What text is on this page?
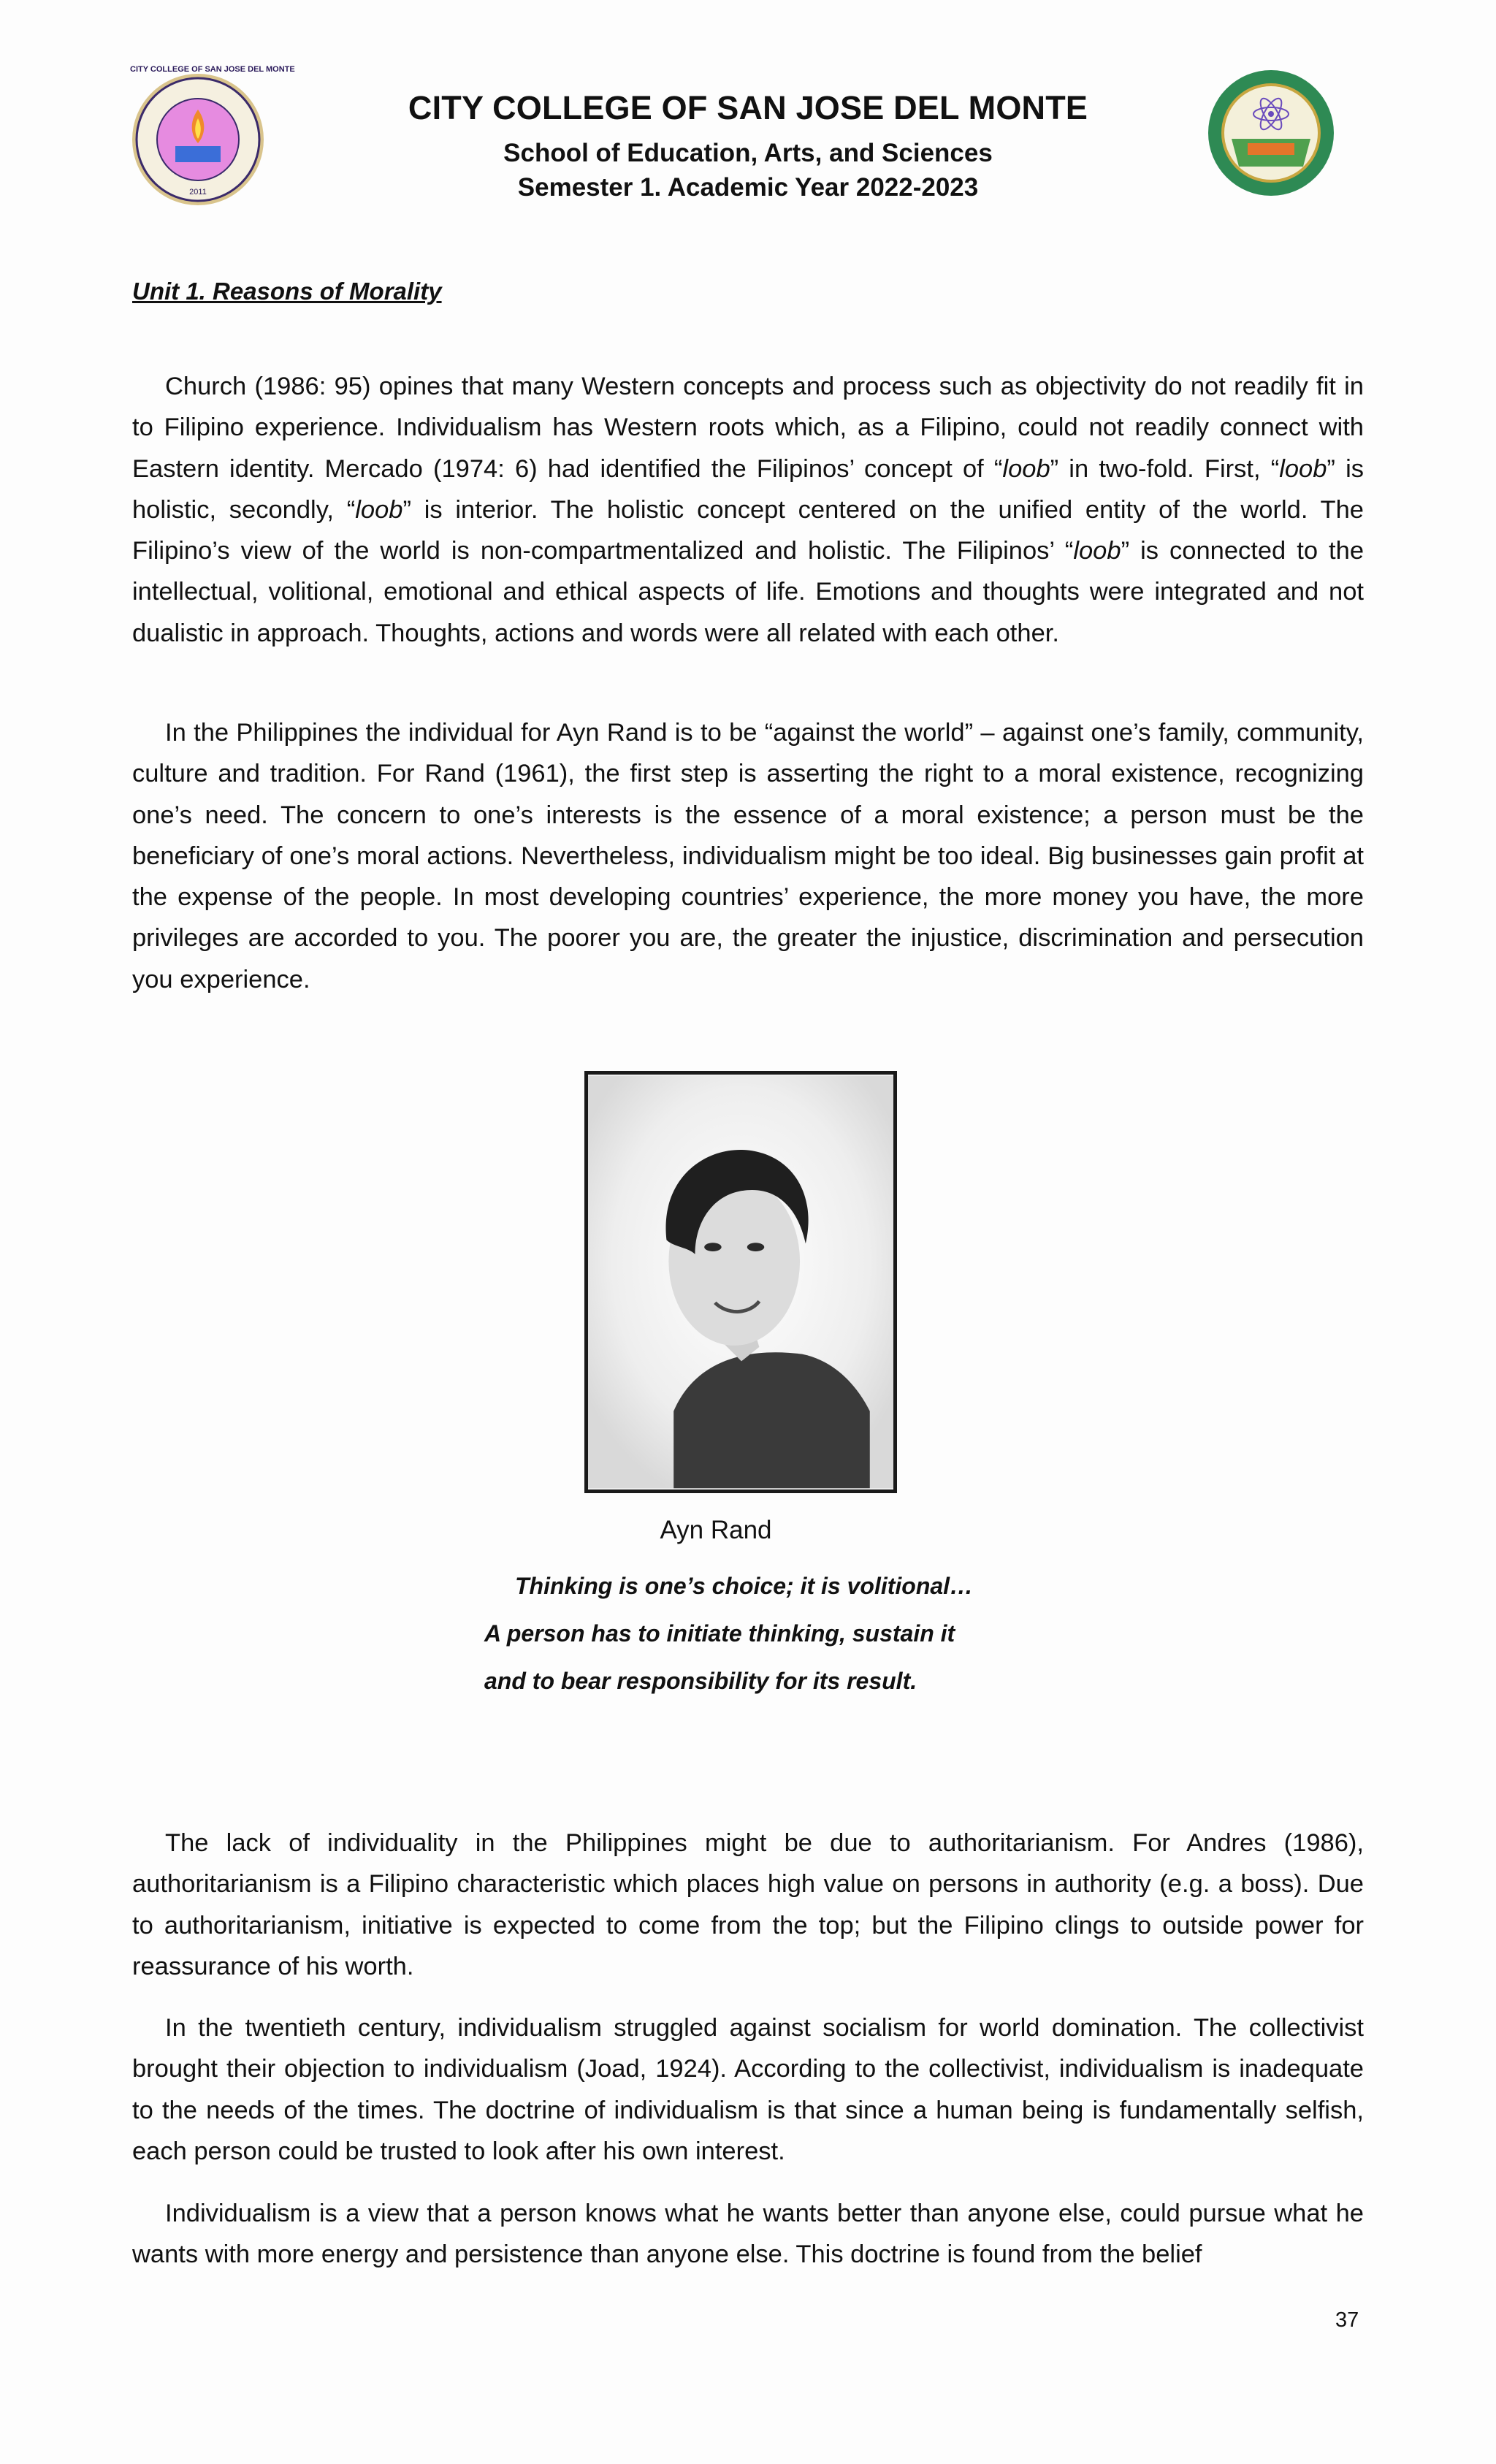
CITY COLLEGE OF SAN JOSE DEL MONTE
2011
CITY COLLEGE OF SAN JOSE DEL MONTE
School of Education, Arts, and Sciences
Semester 1. Academic Year 2022-2023
Unit 1. Reasons of Morality

Church (1986: 95) opines that many Western concepts and process such as objectivity do not readily fit in to Filipino experience. Individualism has Western roots which, as a Filipino, could not readily connect with Eastern identity. Mercado (1974: 6) had identified the Filipinos’ concept of “loob” in two-fold. First, “loob” is holistic, secondly, “loob” is interior. The holistic concept centered on the unified entity of the world. The Filipino’s view of the world is non-compartmentalized and holistic. The Filipinos’ “loob” is connected to the intellectual, volitional, emotional and ethical aspects of life. Emotions and thoughts were integrated and not dualistic in approach. Thoughts, actions and words were all related with each other.

In the Philippines the individual for Ayn Rand is to be “against the world” – against one’s family, community, culture and tradition. For Rand (1961), the first step is asserting the right to a moral existence, recognizing one’s need. The concern to one’s interests is the essence of a moral existence; a person must be the beneficiary of one’s moral actions. Nevertheless, individualism might be too ideal. Big businesses gain profit at the expense of the people. In most developing countries’ experience, the more money you have, the more privileges are accorded to you. The poorer you are, the greater the injustice, discrimination and persecution you experience.

Ayn Rand
Thinking is one’s choice; it is volitional…
A person has to initiate thinking, sustain it
and to bear responsibility for its result.

The lack of individuality in the Philippines might be due to authoritarianism. For Andres (1986), authoritarianism is a Filipino characteristic which places high value on persons in authority (e.g. a boss). Due to authoritarianism, initiative is expected to come from the top; but the Filipino clings to outside power for reassurance of his worth.

In the twentieth century, individualism struggled against socialism for world domination. The collectivist brought their objection to individualism (Joad, 1924). According to the collectivist, individualism is inadequate to the needs of the times. The doctrine of individualism is that since a human being is fundamentally selfish, each person could be trusted to look after his own interest.

Individualism is a view that a person knows what he wants better than anyone else, could pursue what he wants with more energy and persistence than anyone else. This doctrine is found from the belief

37
